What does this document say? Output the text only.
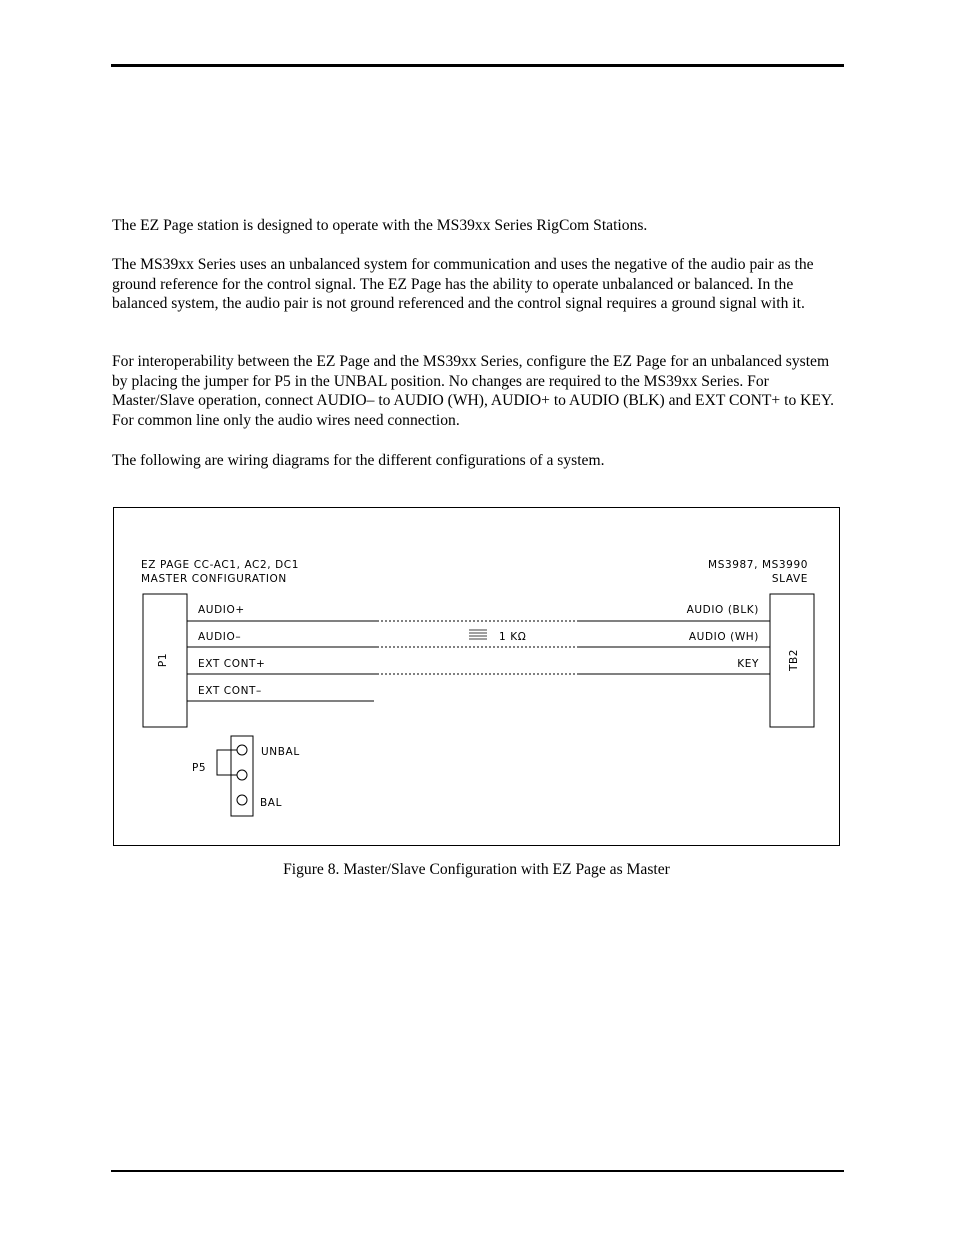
The EZ Page station is designed to operate with the MS39xx Series RigCom Stations.

The MS39xx Series uses an unbalanced system for communication and uses the negative of the audio pair as the ground reference for the control signal. The EZ Page has the ability to operate unbalanced or balanced. In the balanced system, the audio pair is not ground referenced and the control signal requires a ground signal with it.

For interoperability between the EZ Page and the MS39xx Series, configure the EZ Page for an unbalanced system by placing the jumper for P5 in the UNBAL position. No changes are required to the MS39xx Series. For Master/Slave operation, connect AUDIO– to AUDIO (WH), AUDIO+ to AUDIO (BLK) and EXT CONT+ to KEY. For common line only the audio wires need connection.

The following are wiring diagrams for the different configurations of a system.

EZ PAGE CC-AC1, AC2, DC1
MASTER CONFIGURATION
MS3987, MS3990
SLAVE
P1	TB2
AUDIO+
AUDIO–
EXT CONT+
EXT CONT–
AUDIO (BLK)
AUDIO (WH)
KEY
1 KΩ
P5
UNBAL
BAL

Figure 8. Master/Slave Configuration with EZ Page as Master
